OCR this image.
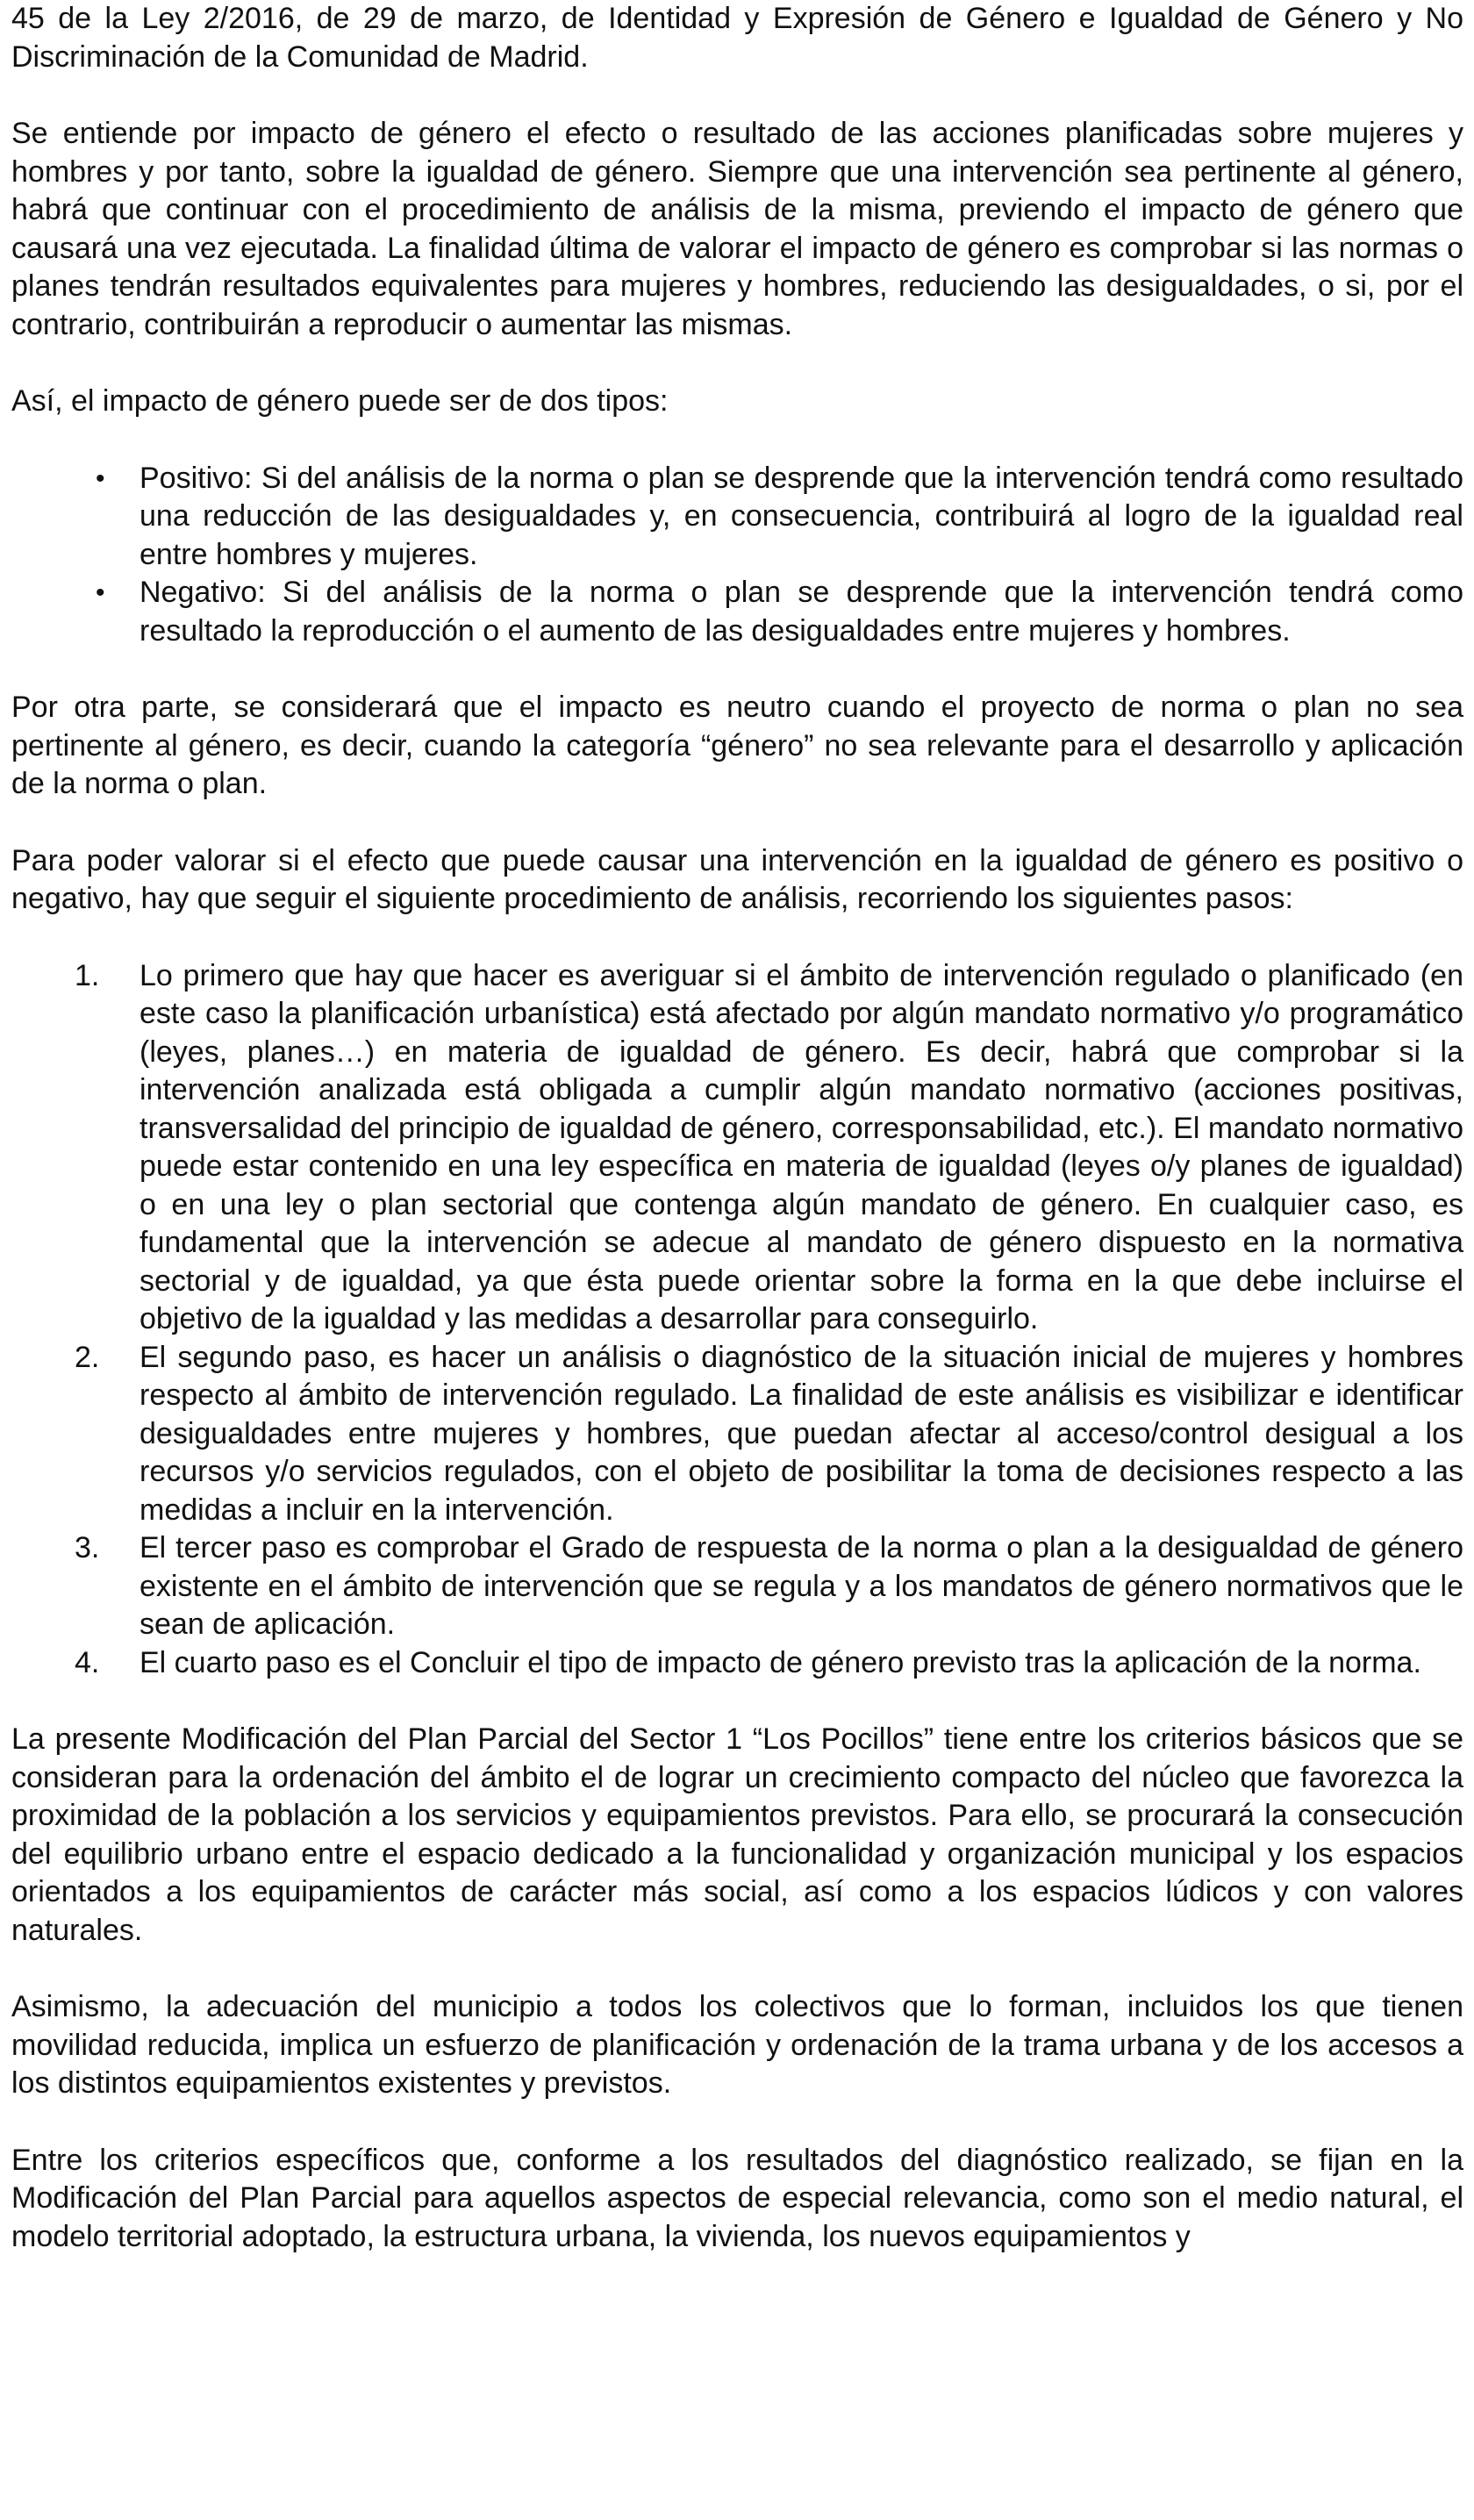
45 de la Ley 2/2016, de 29 de marzo, de Identidad y Expresión de Género e Igualdad de Género y No Discriminación de la Comunidad de Madrid.

Se entiende por impacto de género el efecto o resultado de las acciones planificadas sobre mujeres y hombres y por tanto, sobre la igualdad de género. Siempre que una intervención sea pertinente al género, habrá que continuar con el procedimiento de análisis de la misma, previendo el impacto de género que causará una vez ejecutada. La finalidad última de valorar el impacto de género es comprobar si las normas o planes tendrán resultados equivalentes para mujeres y hombres, reduciendo las desigualdades, o si, por el contrario, contribuirán a reproducir o aumentar las mismas.

Así, el impacto de género puede ser de dos tipos:

• Positivo: Si del análisis de la norma o plan se desprende que la intervención tendrá como resultado una reducción de las desigualdades y, en consecuencia, contribuirá al logro de la igualdad real entre hombres y mujeres.
• Negativo: Si del análisis de la norma o plan se desprende que la intervención tendrá como resultado la reproducción o el aumento de las desigualdades entre mujeres y hombres.

Por otra parte, se considerará que el impacto es neutro cuando el proyecto de norma o plan no sea pertinente al género, es decir, cuando la categoría “género” no sea relevante para el desarrollo y aplicación de la norma o plan.

Para poder valorar si el efecto que puede causar una intervención en la igualdad de género es positivo o negativo, hay que seguir el siguiente procedimiento de análisis, recorriendo los siguientes pasos:

1. Lo primero que hay que hacer es averiguar si el ámbito de intervención regulado o planificado (en este caso la planificación urbanística) está afectado por algún mandato normativo y/o programático (leyes, planes…) en materia de igualdad de género. Es decir, habrá que comprobar si la intervención analizada está obligada a cumplir algún mandato normativo (acciones positivas, transversalidad del principio de igualdad de género, corresponsabilidad, etc.). El mandato normativo puede estar contenido en una ley específica en materia de igualdad (leyes o/y planes de igualdad) o en una ley o plan sectorial que contenga algún mandato de género. En cualquier caso, es fundamental que la intervención se adecue al mandato de género dispuesto en la normativa sectorial y de igualdad, ya que ésta puede orientar sobre la forma en la que debe incluirse el objetivo de la igualdad y las medidas a desarrollar para conseguirlo.
2. El segundo paso, es hacer un análisis o diagnóstico de la situación inicial de mujeres y hombres respecto al ámbito de intervención regulado. La finalidad de este análisis es visibilizar e identificar desigualdades entre mujeres y hombres, que puedan afectar al acceso/control desigual a los recursos y/o servicios regulados, con el objeto de posibilitar la toma de decisiones respecto a las medidas a incluir en la intervención.
3. El tercer paso es comprobar el Grado de respuesta de la norma o plan a la desigualdad de género existente en el ámbito de intervención que se regula y a los mandatos de género normativos que le sean de aplicación.
4. El cuarto paso es el Concluir el tipo de impacto de género previsto tras la aplicación de la norma.

La presente Modificación del Plan Parcial del Sector 1 “Los Pocillos” tiene entre los criterios básicos que se consideran para la ordenación del ámbito el de lograr un crecimiento compacto del núcleo que favorezca la proximidad de la población a los servicios y equipamientos previstos. Para ello, se procurará la consecución del equilibrio urbano entre el espacio dedicado a la funcionalidad y organización municipal y los espacios orientados a los equipamientos de carácter más social, así como a los espacios lúdicos y con valores naturales.

Asimismo, la adecuación del municipio a todos los colectivos que lo forman, incluidos los que tienen movilidad reducida, implica un esfuerzo de planificación y ordenación de la trama urbana y de los accesos a los distintos equipamientos existentes y previstos.

Entre los criterios específicos que, conforme a los resultados del diagnóstico realizado, se fijan en la Modificación del Plan Parcial para aquellos aspectos de especial relevancia, como son el medio natural, el modelo territorial adoptado, la estructura urbana, la vivienda, los nuevos equipamientos y
